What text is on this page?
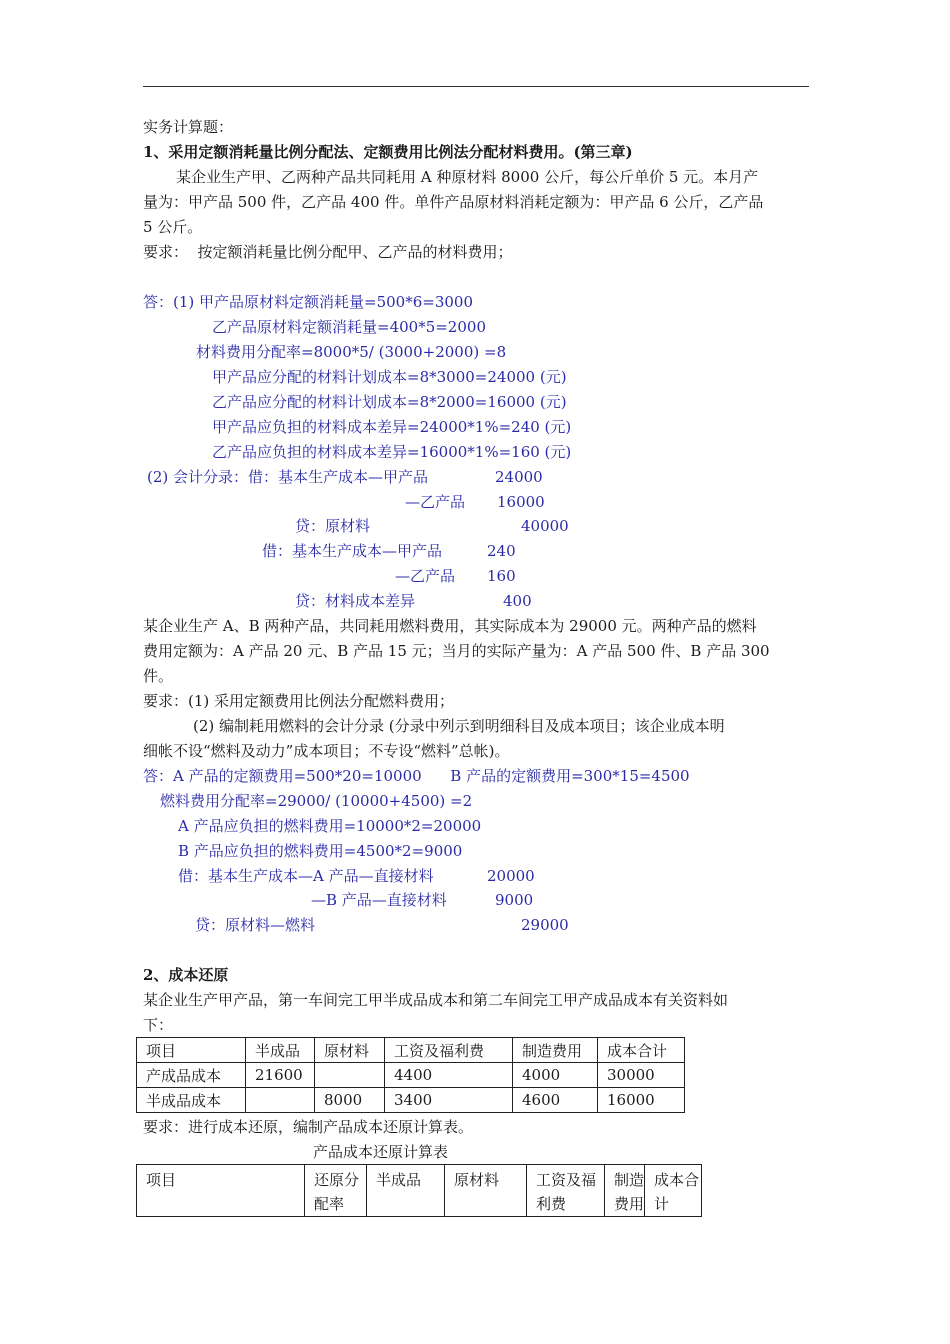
实务计算题：
1、采用定额消耗量比例分配法、定额费用比例法分配材料费用。(第三章)
某企业生产甲、乙两种产品共同耗用 A 种原材料 8000 公斤，每公斤单价 5 元。本月产
量为：甲产品 500 件，乙产品 400 件。单件产品原材料消耗定额为：甲产品 6 公斤，乙产品
5 公斤。
要求：  按定额消耗量比例分配甲、乙产品的材料费用；
答：(1) 甲产品原材料定额消耗量=500*6=3000
乙产品原材料定额消耗量=400*5=2000
材料费用分配率=8000*5/ (3000+2000) =8
甲产品应分配的材料计划成本=8*3000=24000 (元)
乙产品应分配的材料计划成本=8*2000=16000 (元)
甲产品应负担的材料成本差异=24000*1%=240 (元)
乙产品应负担的材料成本差异=16000*1%=160 (元)
(2) 会计分录：借：基本生产成本—甲产品	24000
—乙产品 16000
贷：原材料	40000
借：基本生产成本—甲产品	240
—乙产品 160
贷：材料成本差异	400
某企业生产 A、B 两种产品，共同耗用燃料费用，其实际成本为 29000 元。两种产品的燃料
费用定额为：A 产品 20 元、B 产品 15 元；当月的实际产量为：A 产品 500 件、B 产品 300
件。
要求：(1) 采用定额费用比例法分配燃料费用；
(2) 编制耗用燃料的会计分录 (分录中列示到明细科目及成本项目；该企业成本明
细帐不设“燃料及动力”成本项目；不专设“燃料”总帐)。
答：A 产品的定额费用=500*20=10000      B 产品的定额费用=300*15=4500
燃料费用分配率=29000/ (10000+4500) =2
A 产品应负担的燃料费用=10000*2=20000
B 产品应负担的燃料费用=4500*2=9000
借：基本生产成本—A 产品—直接材料	20000
—B 产品—直接材料	9000
贷：原材料—燃料	29000
2、成本还原
某企业生产甲产品，第一车间完工甲半成品成本和第二车间完工甲产成品成本有关资料如
下：
项目	半成品	原材料	工资及福利费	制造费用	成本合计
产成品成本	21600		4400	4000	30000
半成品成本		8000	3400	4600	16000
要求：进行成本还原，编制产品成本还原计算表。
产品成本还原计算表
项目	还原分配率	半成品	原材料	工资及福利费	制造费用	成本合计
